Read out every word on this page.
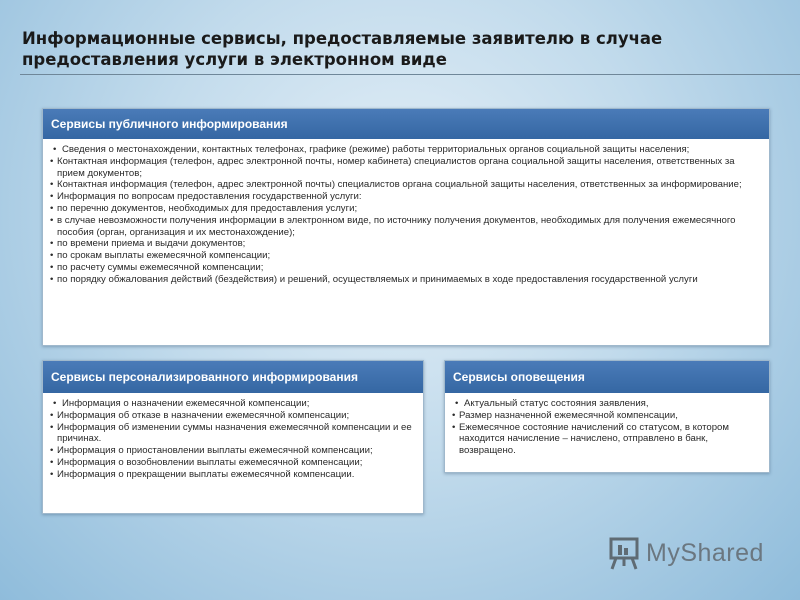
Информационные сервисы, предоставляемые заявителю в случае предоставления услуги в электронном виде
Сервисы публичного информирования
• Сведения о местонахождении, контактных телефонах, графике (режиме) работы территориальных органов социальной защиты населения;
• Контактная информация (телефон, адрес электронной почты, номер кабинета) специалистов органа социальной защиты населения, ответственных за прием документов;
• Контактная информация (телефон, адрес электронной почты) специалистов органа социальной защиты населения, ответственных за информирование;
• Информация по вопросам предоставления государственной услуги:
• по перечню документов, необходимых для предоставления услуги;
• в случае невозможности получения информации в электронном виде, по источнику получения документов, необходимых для получения ежемесячного пособия (орган, организация и их местонахождение);
• по времени приема и выдачи документов;
• по срокам выплаты ежемесячной компенсации;
• по расчету суммы ежемесячной компенсации;
• по порядку обжалования действий (бездействия) и решений, осуществляемых и принимаемых в ходе предоставления государственной услуги
Сервисы персонализированного информирования
• Информация о назначении ежемесячной компенсации;
• Информация об отказе в назначении ежемесячной компенсации;
• Информация об изменении суммы назначения ежемесячной компенсации и ее причинах.
• Информация о приостановлении выплаты ежемесячной компенсации;
• Информация о возобновлении выплаты ежемесячной компенсации;
• Информация о прекращении выплаты ежемесячной компенсации.
Сервисы оповещения
• Актуальный статус состояния заявления,
• Размер назначенной ежемесячной компенсации,
• Ежемесячное состояние начислений со статусом, в котором находится начисление – начислено, отправлено в банк, возвращено.
MyShared
